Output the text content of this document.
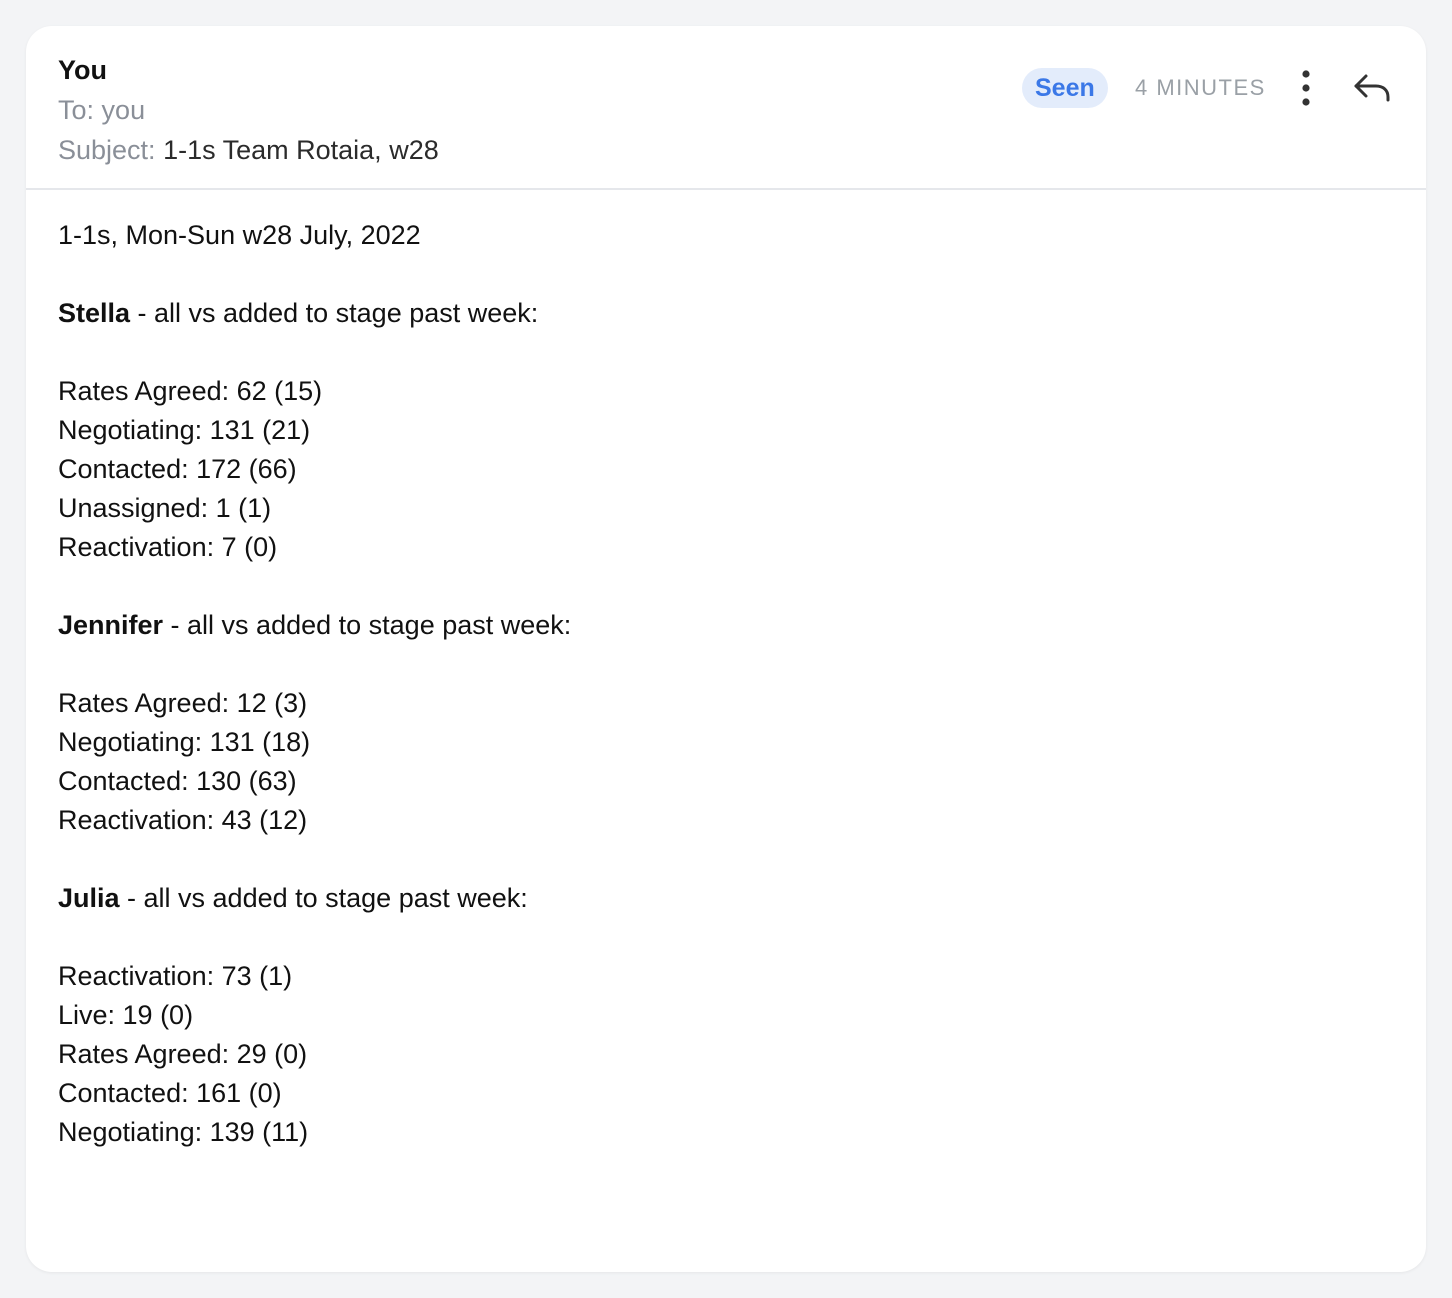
You
To: you
Subject: 1-1s Team Rotaia, w28
Seen	4 MINUTES
1-1s, Mon-Sun w28 July, 2022
Stella - all vs added to stage past week:
Rates Agreed: 62 (15)
Negotiating: 131 (21)
Contacted: 172 (66)
Unassigned: 1 (1)
Reactivation: 7 (0)
Jennifer - all vs added to stage past week:
Rates Agreed: 12 (3)
Negotiating: 131 (18)
Contacted: 130 (63)
Reactivation: 43 (12)
Julia - all vs added to stage past week:
Reactivation: 73 (1)
Live: 19 (0)
Rates Agreed: 29 (0)
Contacted: 161 (0)
Negotiating: 139 (11)
